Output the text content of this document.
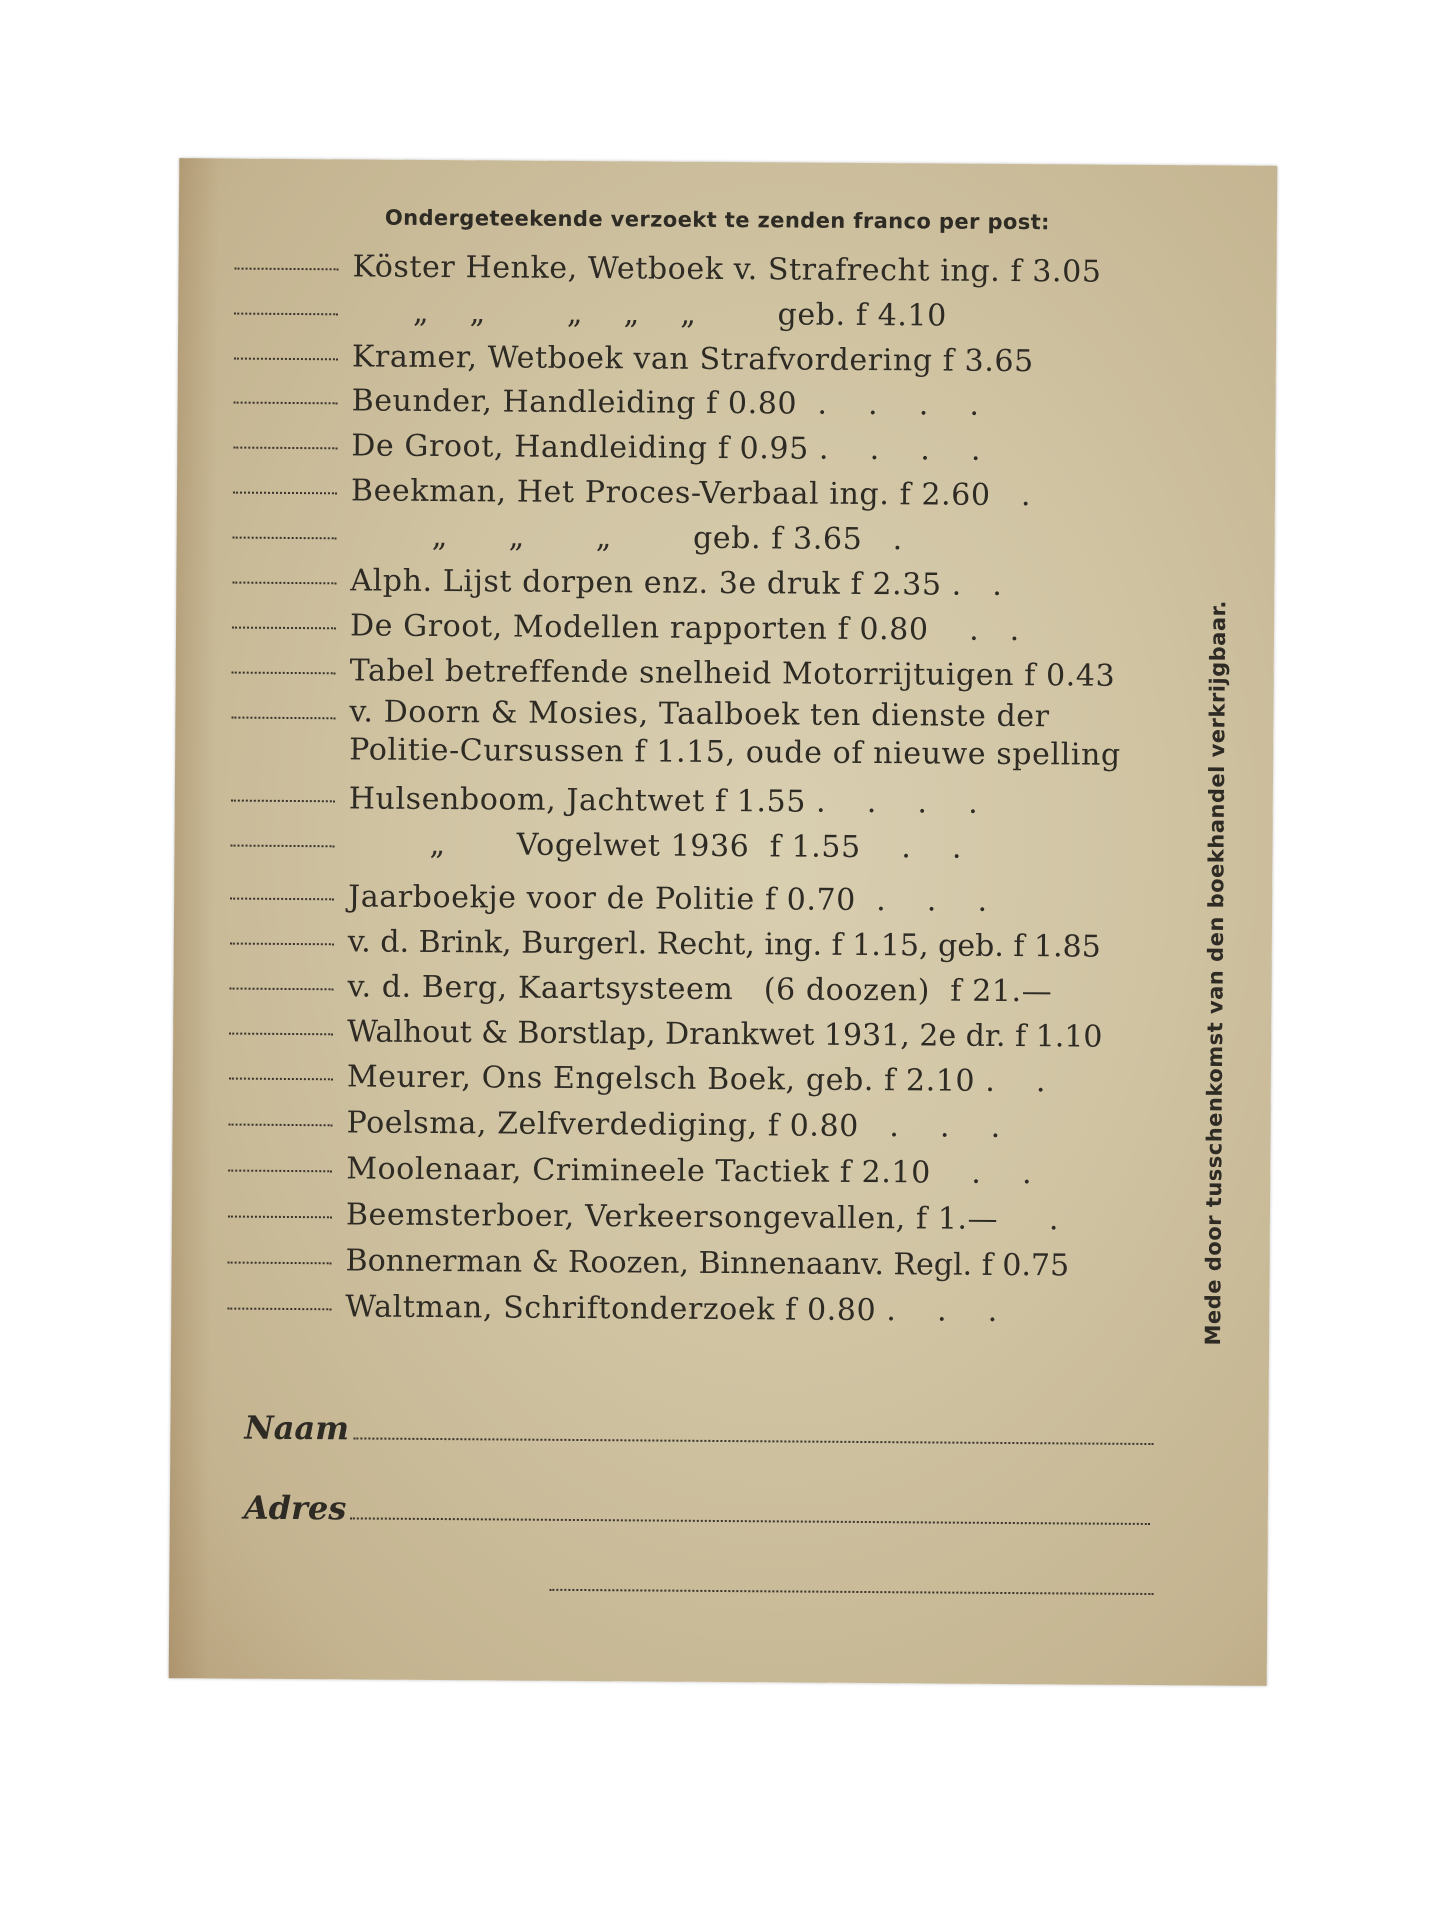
Ondergeteekende verzoekt te zenden franco per post:
Köster Henke, Wetboek v. Strafrecht ing. f 3.05
„    „        „    „    „        geb. f 4.10
Kramer, Wetboek van Strafvordering f 3.65
Beunder, Handleiding f 0.80  .    .    .    .
De Groot, Handleiding f 0.95 .    .    .    .
Beekman, Het Proces-Verbaal ing. f 2.60   .
„      „       „        geb. f 3.65   .
Alph. Lijst dorpen enz. 3e druk f 2.35 .   .
De Groot, Modellen rapporten f 0.80    .   .
Tabel betreffende snelheid Motorrijtuigen f 0.43
v. Doorn & Mosies, Taalboek ten dienste der Politie-Cursussen f 1.15, oude of nieuwe spelling
Hulsenboom, Jachtwet f 1.55 .    .    .    .
„       Vogelwet 1936  f 1.55    .    .
Jaarboekje voor de Politie f 0.70  .    .    .
v. d. Brink, Burgerl. Recht, ing. f 1.15, geb. f 1.85
v. d. Berg, Kaartsysteem   (6 doozen)  f 21.—
Walhout & Borstlap, Drankwet 1931, 2e dr. f 1.10
Meurer, Ons Engelsch Boek, geb. f 2.10 .    .
Poelsma, Zelfverdediging, f 0.80   .    .    .
Moolenaar, Crimineele Tactiek f 2.10    .    .
Beemsterboer, Verkeersongevallen, f 1.—     .
Bonnerman & Roozen, Binnenaanv. Regl. f 0.75
Waltman, Schriftonderzoek f 0.80 .    .    .	Mede door tusschenkomst van den boekhandel verkrijgbaar.
Naam
Adres
